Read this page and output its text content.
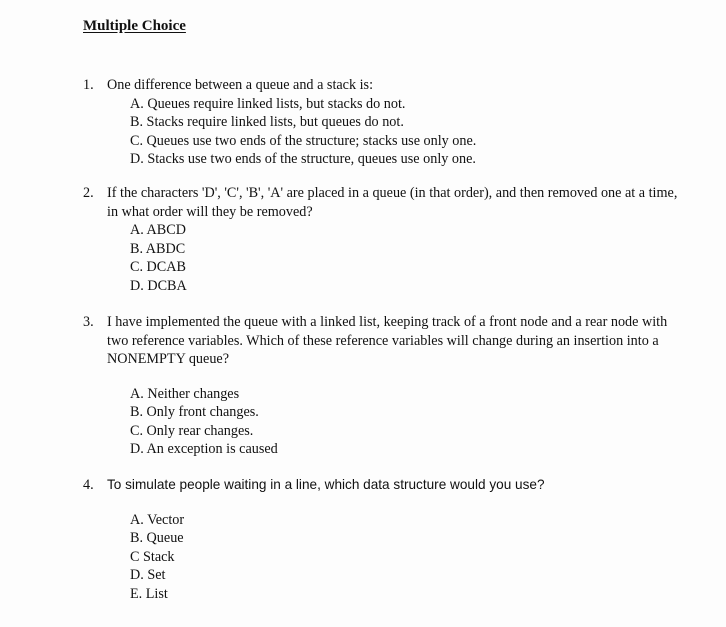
Multiple Choice
1. One difference between a queue and a stack is:
A. Queues require linked lists, but stacks do not.
B. Stacks require linked lists, but queues do not.
C. Queues use two ends of the structure; stacks use only one.
D. Stacks use two ends of the structure, queues use only one.
2. If the characters 'D', 'C', 'B', 'A' are placed in a queue (in that order), and then removed one at a time, in what order will they be removed?
A. ABCD
B. ABDC
C. DCAB
D. DCBA
3. I have implemented the queue with a linked list, keeping track of a front node and a rear node with two reference variables. Which of these reference variables will change during an insertion into a NONEMPTY queue?
A. Neither changes
B. Only front changes.
C. Only rear changes.
D. An exception is caused
4. To simulate people waiting in a line, which data structure would you use?
A. Vector
B. Queue
C Stack
D. Set
E. List
